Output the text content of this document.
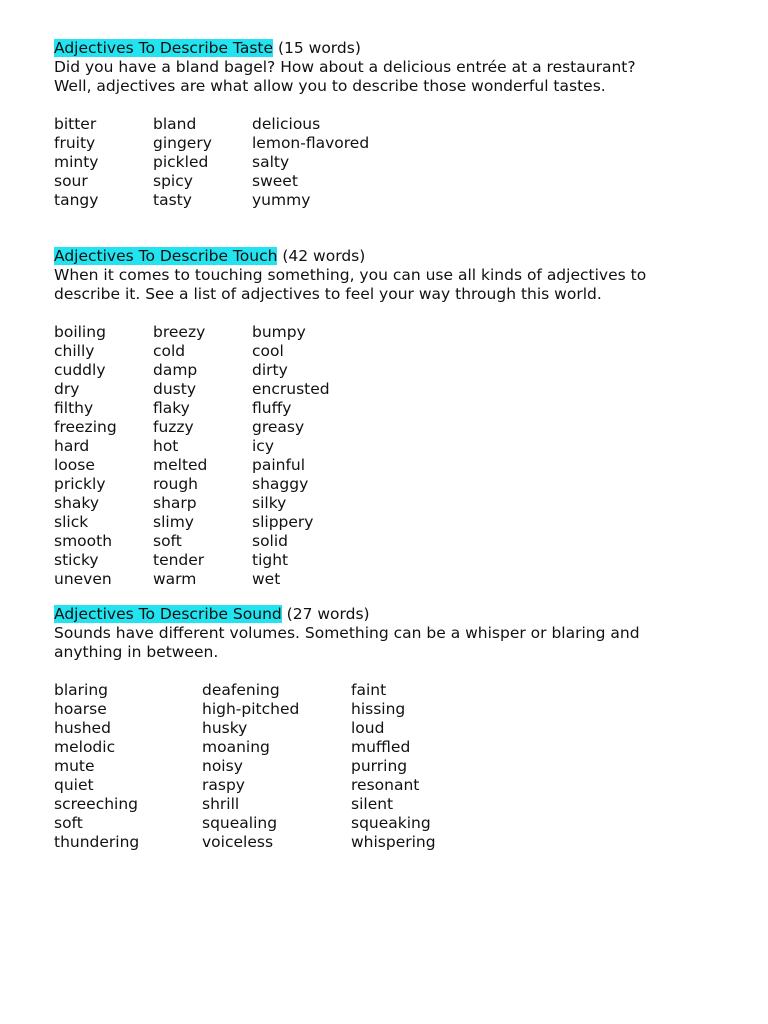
Adjectives To Describe Taste (15 words)
Did you have a bland bagel? How about a delicious entrée at a restaurant?
Well, adjectives are what allow you to describe those wonderful tastes.
bitter	bland	delicious
fruity	gingery	lemon-flavored
minty	pickled	salty
sour	spicy	sweet
tangy	tasty	yummy
Adjectives To Describe Touch (42 words)
When it comes to touching something, you can use all kinds of adjectives to
describe it. See a list of adjectives to feel your way through this world.
boiling	breezy	bumpy
chilly	cold	cool
cuddly	damp	dirty
dry	dusty	encrusted
filthy	flaky	fluffy
freezing	fuzzy	greasy
hard	hot	icy
loose	melted	painful
prickly	rough	shaggy
shaky	sharp	silky
slick	slimy	slippery
smooth	soft	solid
sticky	tender	tight
uneven	warm	wet
Adjectives To Describe Sound (27 words)
Sounds have different volumes. Something can be a whisper or blaring and
anything in between.
blaring	deafening	faint
hoarse	high-pitched	hissing
hushed	husky	loud
melodic	moaning	muffled
mute	noisy	purring
quiet	raspy	resonant
screeching	shrill	silent
soft	squealing	squeaking
thundering	voiceless	whispering
